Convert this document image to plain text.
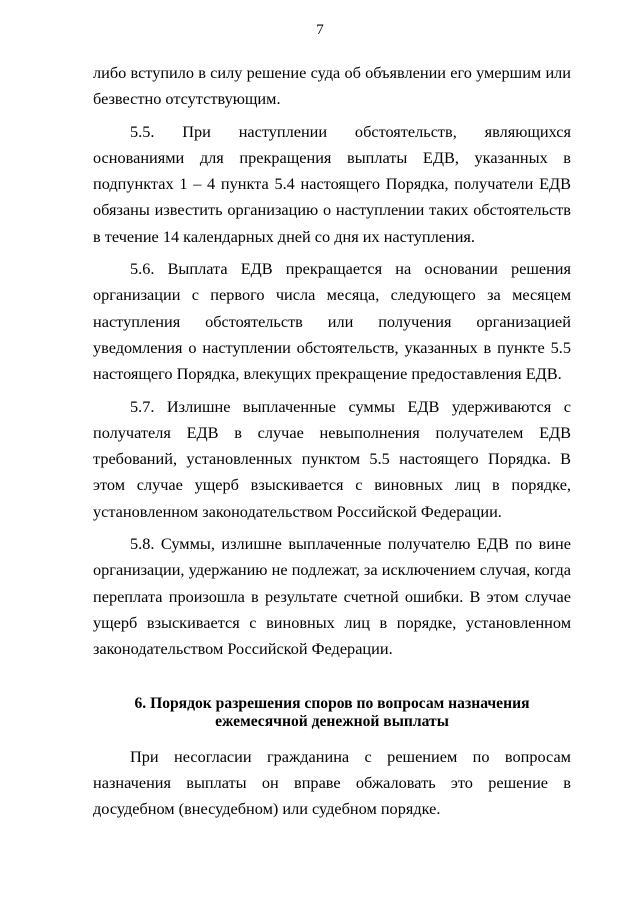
7

либо вступило в силу решение суда об объявлении его умершим или безвестно отсутствующим.

5.5. При наступлении обстоятельств, являющихся основаниями для прекращения выплаты ЕДВ, указанных в подпунктах 1 – 4 пункта 5.4 настоящего Порядка, получатели ЕДВ обязаны известить организацию о наступлении таких обстоятельств в течение 14 календарных дней со дня их наступления.

5.6. Выплата ЕДВ прекращается на основании решения организации с первого числа месяца, следующего за месяцем наступления обстоятельств или получения организацией уведомления о наступлении обстоятельств, указанных в пункте 5.5 настоящего Порядка, влекущих прекращение предоставления ЕДВ.

5.7. Излишне выплаченные суммы ЕДВ удерживаются с получателя ЕДВ в случае невыполнения получателем ЕДВ требований, установленных пунктом 5.5 настоящего Порядка. В этом случае ущерб взыскивается с виновных лиц в порядке, установленном законодательством Российской Федерации.

5.8. Суммы, излишне выплаченные получателю ЕДВ по вине организации, удержанию не подлежат, за исключением случая, когда переплата произошла в результате счетной ошибки. В этом случае ущерб взыскивается с виновных лиц в порядке, установленном законодательством Российской Федерации.

6. Порядок разрешения споров по вопросам назначения
ежемесячной денежной выплаты

При несогласии гражданина с решением по вопросам назначения выплаты он вправе обжаловать это решение в досудебном (внесудебном) или судебном порядке.
